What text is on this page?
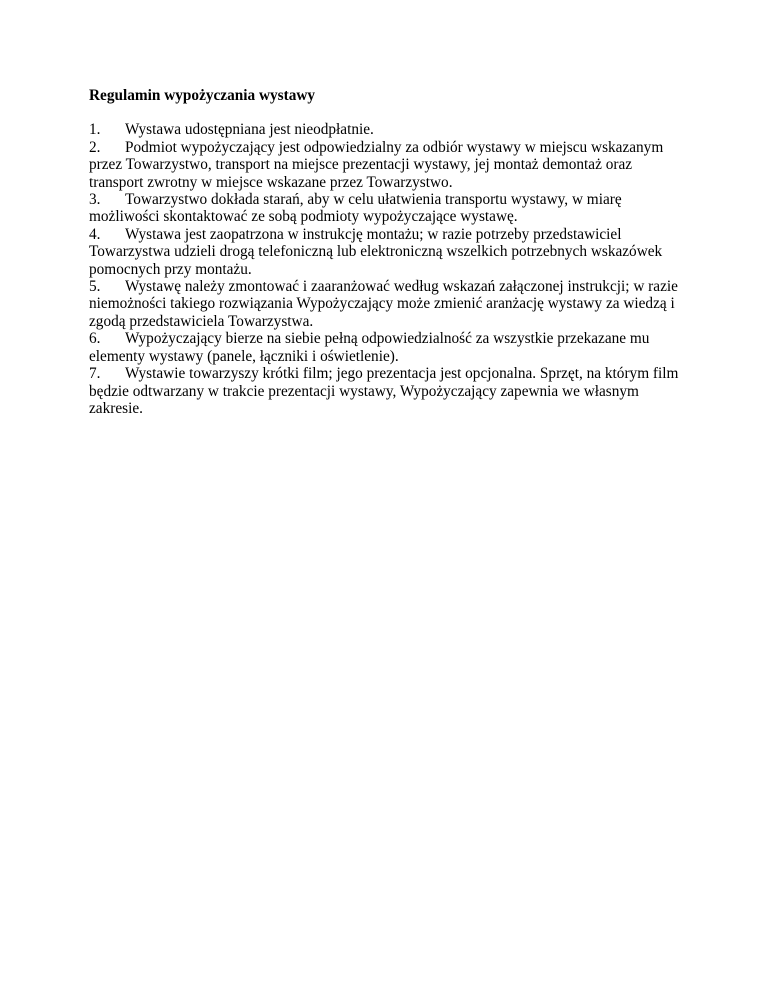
Regulamin wypożyczania wystawy
1. Wystawa udostępniana jest nieodpłatnie.
2. Podmiot wypożyczający jest odpowiedzialny za odbiór wystawy w miejscu wskazanym przez Towarzystwo, transport na miejsce prezentacji wystawy, jej montaż demontaż oraz transport zwrotny w miejsce wskazane przez Towarzystwo.
3. Towarzystwo dokłada starań, aby w celu ułatwienia transportu wystawy, w miarę możliwości skontaktować ze sobą podmioty wypożyczające wystawę.
4. Wystawa jest zaopatrzona w instrukcję montażu; w razie potrzeby przedstawiciel Towarzystwa udzieli drogą telefoniczną lub elektroniczną wszelkich potrzebnych wskazówek pomocnych przy montażu.
5. Wystawę należy zmontować i zaaranżować według wskazań załączonej instrukcji; w razie niemożności takiego rozwiązania Wypożyczający może zmienić aranżację wystawy za wiedzą i zgodą przedstawiciela Towarzystwa.
6. Wypożyczający bierze na siebie pełną odpowiedzialność za wszystkie przekazane mu elementy wystawy (panele, łączniki i oświetlenie).
7. Wystawie towarzyszy krótki film; jego prezentacja jest opcjonalna. Sprzęt, na którym film będzie odtwarzany w trakcie prezentacji wystawy, Wypożyczający zapewnia we własnym zakresie.
